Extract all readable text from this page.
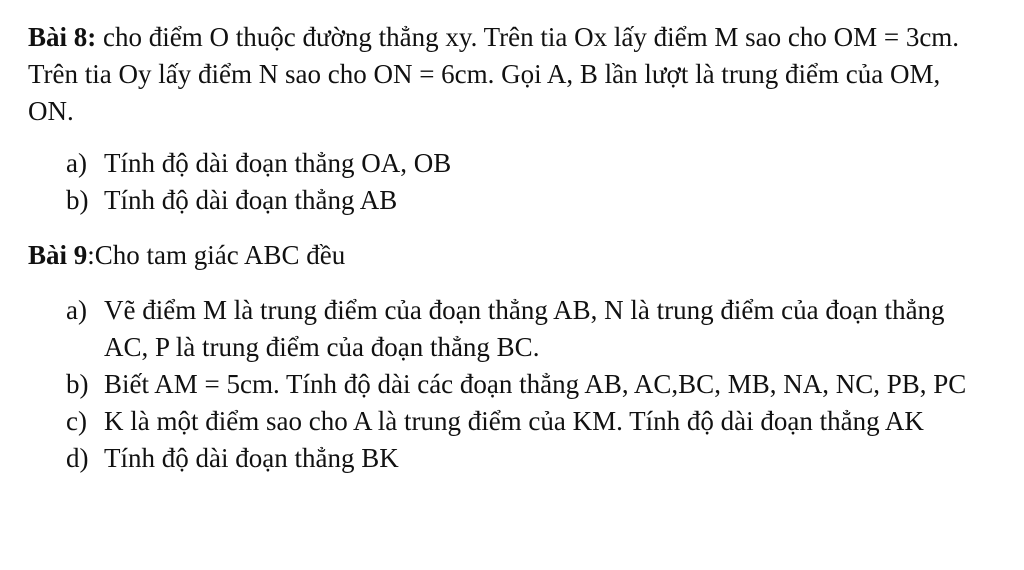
Bài 8: cho điểm O thuộc đường thẳng xy. Trên tia Ox lấy điểm M sao cho OM = 3cm. Trên tia Oy lấy điểm N sao cho ON = 6cm. Gọi A, B lần lượt là trung điểm của OM, ON.

a) Tính độ dài đoạn thẳng OA, OB
b) Tính độ dài đoạn thẳng AB

Bài 9:Cho tam giác ABC đều

a) Vẽ điểm M là trung điểm của đoạn thẳng AB, N là trung điểm của đoạn thẳng AC, P là trung điểm của đoạn thẳng BC.
b) Biết AM = 5cm. Tính độ dài các đoạn thẳng AB, AC,BC, MB, NA, NC, PB, PC
c) K là một điểm sao cho A là trung điểm của KM. Tính độ dài đoạn thẳng AK
d) Tính độ dài đoạn thẳng BK
